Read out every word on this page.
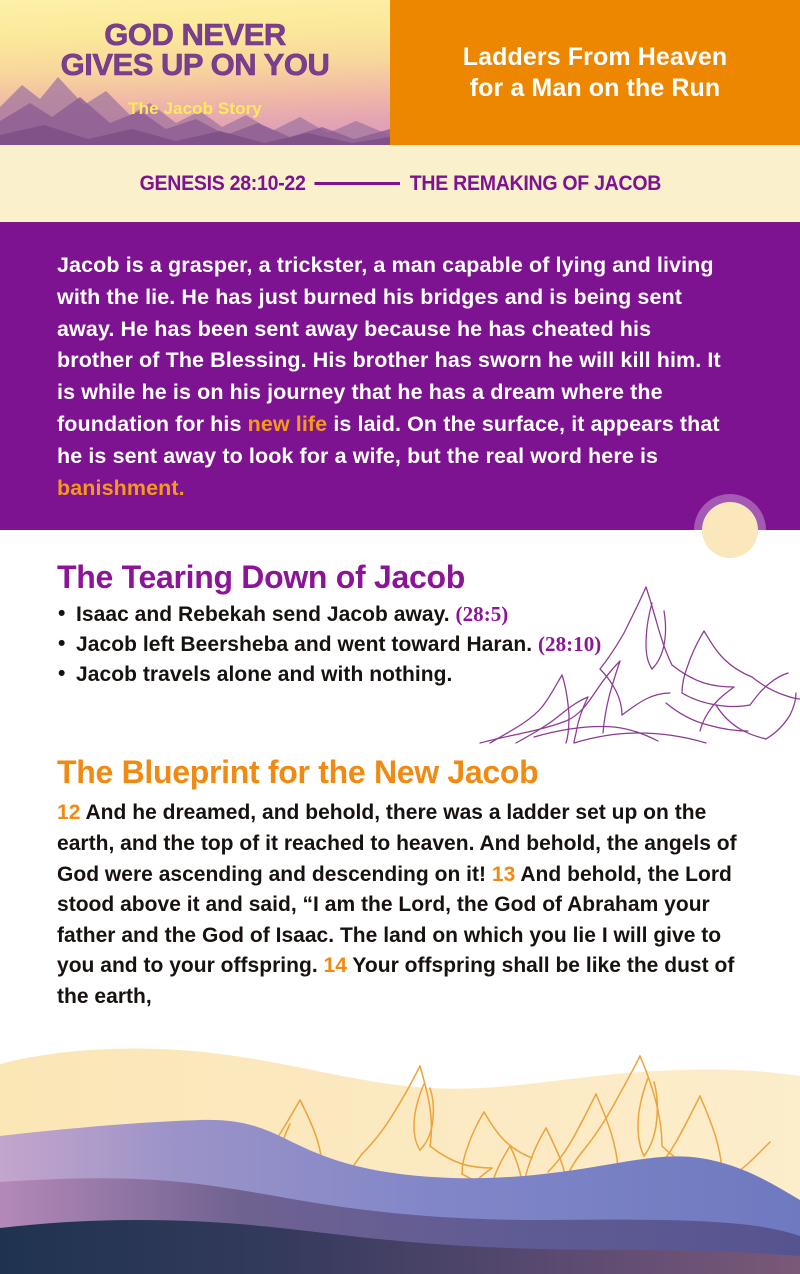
GOD NEVER
GIVES UP ON YOU
The Jacob Story
Ladders From Heaven
for a Man on the Run
GENESIS 28:10-22	THE REMAKING OF JACOB

Jacob is a grasper, a trickster, a man capable of lying and living with the lie. He has just burned his bridges and is being sent away. He has been sent away because he has cheated his brother of The Blessing. His brother has sworn he will kill him. It is while he is on his journey that he has a dream where the foundation for his new life is laid. On the surface, it appears that he is sent away to look for a wife, but the real word here is banishment.

The Tearing Down of Jacob
• Isaac and Rebekah send Jacob away. (28:5)
• Jacob left Beersheba and went toward Haran. (28:10)
• Jacob travels alone and with nothing.
The Blueprint for the New Jacob

12 And he dreamed, and behold, there was a ladder set up on the earth, and the top of it reached to heaven. And behold, the angels of God were ascending and descending on it! 13 And behold, the Lord stood above it and said, “I am the Lord, the God of Abraham your father and the God of Isaac. The land on which you lie I will give to you and to your offspring. 14 Your offspring shall be like the dust of the earth,
